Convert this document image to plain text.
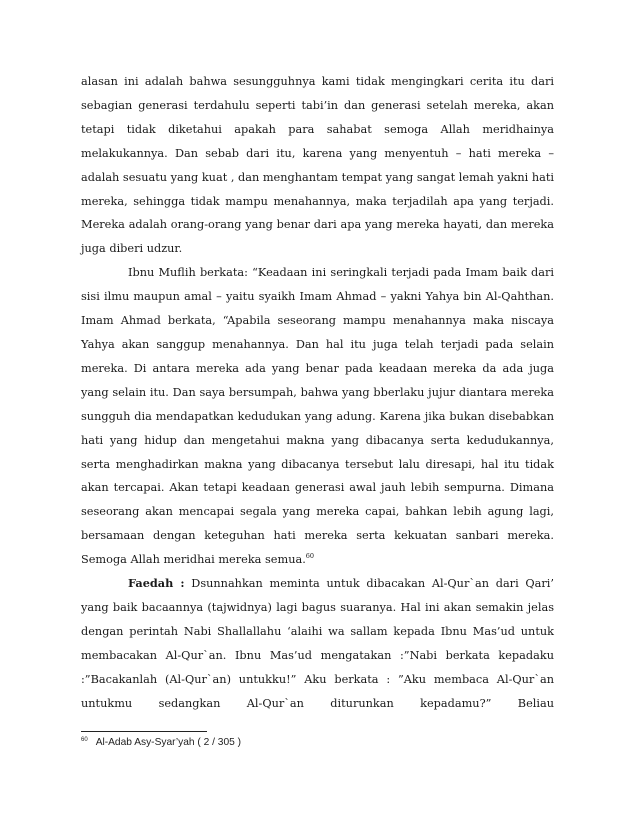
alasan ini adalah bahwa sesungguhnya kami tidak mengingkari cerita itu dari sebagian generasi terdahulu seperti tabi’in dan generasi setelah mereka, akan tetapi tidak diketahui apakah para sahabat semoga Allah meridhainya melakukannya. Dan sebab dari itu, karena yang menyentuh – hati mereka – adalah sesuatu yang kuat , dan menghantam tempat yang sangat lemah yakni hati mereka, sehingga tidak mampu menahannya, maka terjadilah apa yang terjadi. Mereka adalah orang-orang yang benar dari apa yang mereka hayati, dan mereka juga diberi udzur.

Ibnu Muflih berkata: “Keadaan ini seringkali terjadi pada Imam baik dari sisi ilmu maupun amal – yaitu syaikh Imam Ahmad – yakni Yahya bin Al-Qahthan. Imam Ahmad berkata, “Apabila seseorang mampu menahannya maka niscaya Yahya akan sanggup menahannya. Dan hal itu juga telah terjadi pada selain mereka. Di antara mereka ada yang benar pada keadaan mereka da ada juga yang selain itu. Dan saya bersumpah, bahwa yang bberlaku jujur diantara mereka sungguh dia mendapatkan kedudukan yang adung. Karena jika bukan disebabkan hati yang hidup dan mengetahui makna yang dibacanya serta kedudukannya, serta menghadirkan makna yang dibacanya tersebut lalu diresapi, hal itu tidak akan tercapai. Akan tetapi keadaan generasi awal jauh lebih sempurna. Dimana seseorang akan mencapai segala yang mereka capai, bahkan lebih agung lagi, bersamaan dengan keteguhan hati mereka serta kekuatan sanbari mereka. Semoga Allah meridhai mereka semua.$^{60}$

Faedah : Dsunnahkan meminta untuk dibacakan Al-Qur`an dari Qari’ yang baik bacaannya (tajwidnya) lagi bagus suaranya. Hal ini akan semakin jelas dengan perintah Nabi Shallallahu ‘alaihi wa sallam kepada Ibnu Mas’ud untuk membacakan Al-Qur`an. Ibnu Mas’ud mengatakan :”Nabi berkata kepadaku :”Bacakanlah (Al-Qur`an) untukku!” Aku berkata : ”Aku membaca Al-Qur`an untukmu sedangkan Al-Qur`an diturunkan kepadamu?” Beliau

$^{60}$ Al-Adab Asy-Syar’yah ( 2 / 305 )
